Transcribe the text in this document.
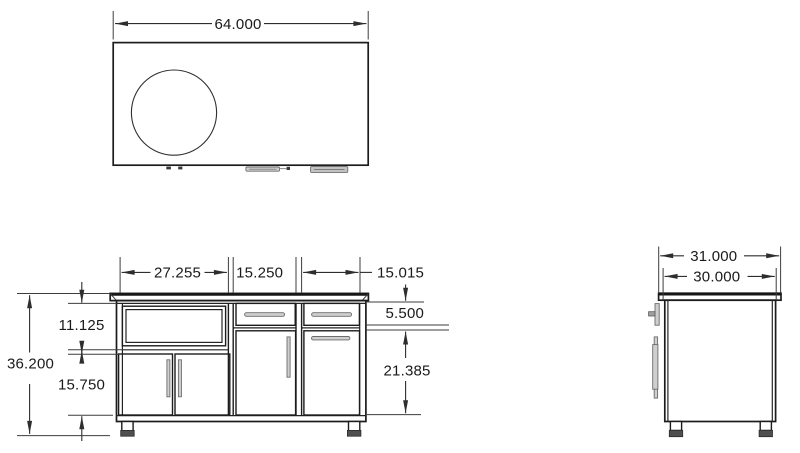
64.000
27.255 15.250	15.015
36.200
11.125
15.750
5.500
21.385
31.000
30.000
